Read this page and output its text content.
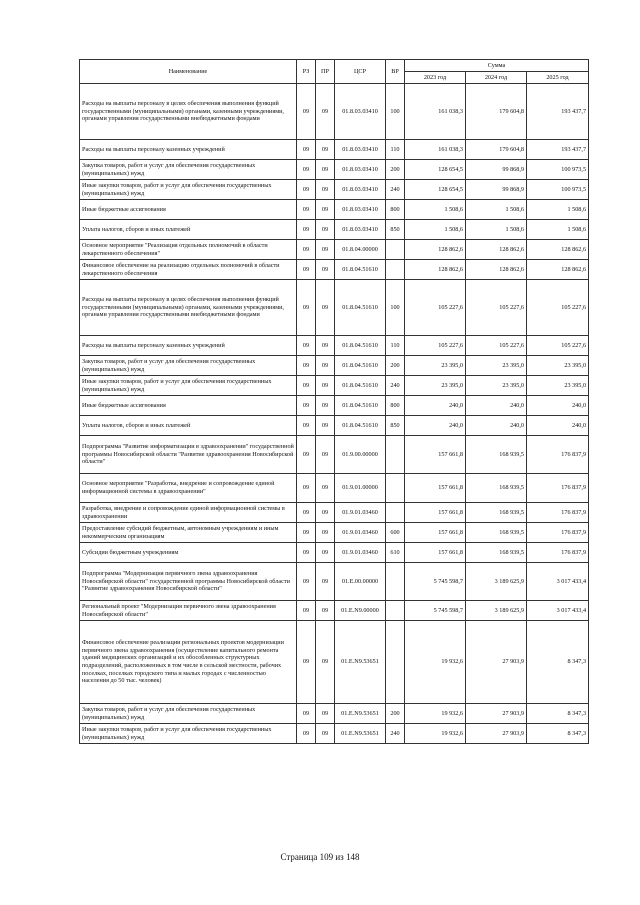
Наименование	РЗ	ПР	ЦСР	ВР	Сумма		
					2023 год	2024 год	2025 год
Расходы на выплаты персоналу в целях обеспечения выполнения функций государственными (муниципальными) органами, казенными учреждениями, органами управления государственными внебюджетными фондами	09	09	01.8.03.03410	100	161 038,3	179 604,8	193 437,7
Расходы на выплаты персоналу казенных учреждений	09	09	01.8.03.03410	110	161 038,3	179 604,8	193 437,7
Закупка товаров, работ и услуг для обеспечения государственных (муниципальных) нужд	09	09	01.8.03.03410	200	128 654,5	99 868,9	100 973,5
Иные закупки товаров, работ и услуг для обеспечения государственных (муниципальных) нужд	09	09	01.8.03.03410	240	128 654,5	99 868,9	100 973,5
Иные бюджетные ассигнования	09	09	01.8.03.03410	800	1 508,6	1 508,6	1 508,6
Уплата налогов, сборов и иных платежей	09	09	01.8.03.03410	850	1 508,6	1 508,6	1 508,6
Основное мероприятие "Реализация отдельных полномочий в области лекарственного обеспечения"	09	09	01.8.04.00000		128 862,6	128 862,6	128 862,6
Финансовое обеспечение на реализацию отдельных полномочий в области лекарственного обеспечения	09	09	01.8.04.51610		128 862,6	128 862,6	128 862,6
Расходы на выплаты персоналу в целях обеспечения выполнения функций государственными (муниципальными) органами, казенными учреждениями, органами управления государственными внебюджетными фондами	09	09	01.8.04.51610	100	105 227,6	105 227,6	105 227,6
Расходы на выплаты персоналу казенных учреждений	09	09	01.8.04.51610	110	105 227,6	105 227,6	105 227,6
Закупка товаров, работ и услуг для обеспечения государственных (муниципальных) нужд	09	09	01.8.04.51610	200	23 395,0	23 395,0	23 395,0
Иные закупки товаров, работ и услуг для обеспечения государственных (муниципальных) нужд	09	09	01.8.04.51610	240	23 395,0	23 395,0	23 395,0
Иные бюджетные ассигнования	09	09	01.8.04.51610	800	240,0	240,0	240,0
Уплата налогов, сборов и иных платежей	09	09	01.8.04.51610	850	240,0	240,0	240,0
Подпрограмма "Развитие информатизации в здравоохранении" государственной программы Новосибирской области "Развитие здравоохранения Новосибирской области"	09	09	01.9.00.00000		157 661,8	168 939,5	176 837,9
Основное мероприятие "Разработка, внедрение и сопровождение единой информационной системы в здравоохранении"	09	09	01.9.01.00000		157 661,8	168 939,5	176 837,9
Разработка, внедрение и сопровождение единой информационной системы в здравоохранении	09	09	01.9.01.03460		157 661,8	168 939,5	176 837,9
Предоставление субсидий бюджетным, автономным учреждениям и иным некоммерческим организациям	09	09	01.9.01.03460	600	157 661,8	168 939,5	176 837,9
Субсидии бюджетным учреждениям	09	09	01.9.01.03460	610	157 661,8	168 939,5	176 837,9
Подпрограмма "Модернизация первичного звена здравоохранения Новосибирской области" государственной программы Новосибирской области "Развитие здравоохранения Новосибирской области"	09	09	01.Е.00.00000		5 745 598,7	3 189 625,9	3 017 433,4
Региональный проект "Модернизация первичного звена здравоохранения Новосибирской области"	09	09	01.Е.N9.00000		5 745 598,7	3 189 625,9	3 017 433,4
Финансовое обеспечение реализации региональных проектов модернизации первичного звена здравоохранения (осуществление капитального ремонта зданий медицинских организаций и их обособленных структурных подразделений, расположенных в том числе в сельской местности, рабочих поселках, поселках городского типа и малых городах с численностью населения до 50 тыс. человек)	09	09	01.Е.N9.53651		19 932,6	27 903,9	8 347,3
Закупка товаров, работ и услуг для обеспечения государственных (муниципальных) нужд	09	09	01.Е.N9.53651	200	19 932,6	27 903,9	8 347,3
Иные закупки товаров, работ и услуг для обеспечения государственных (муниципальных) нужд	09	09	01.Е.N9.53651	240	19 932,6	27 903,9	8 347,3
Страница 109 из 148
